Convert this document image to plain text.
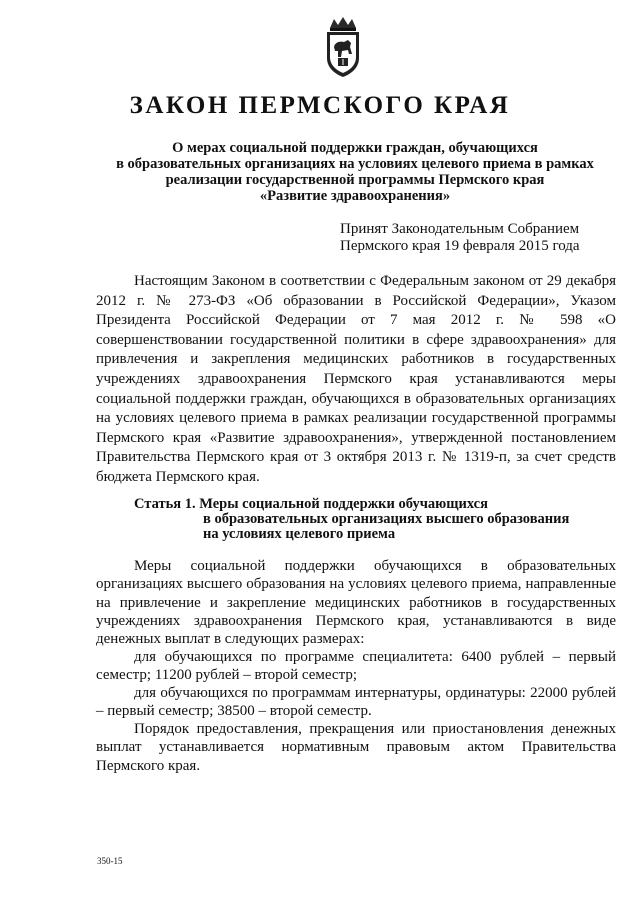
ЗАКОН ПЕРМСКОГО КРАЯ
О мерах социальной поддержки граждан, обучающихся
в образовательных организациях на условиях целевого приема в рамках
реализации государственной программы Пермского края
«Развитие здравоохранения»
Принят Законодательным Собранием
Пермского края 19 февраля 2015 года

Настоящим Законом в соответствии с Федеральным законом от 29 декабря 2012 г. № 273-ФЗ «Об образовании в Российской Федерации», Указом Президента Российской Федерации от 7 мая 2012 г. № 598 «О совершенствовании государственной политики в сфере здравоохранения» для привлечения и закрепления медицинских работников в государственных учреждениях здравоохранения Пермского края устанавливаются меры социальной поддержки граждан, обучающихся в образовательных организациях на условиях целевого приема в рамках реализации государственной программы Пермского края «Развитие здравоохранения», утвержденной постановлением Правительства Пермского края от 3 октября 2013 г. № 1319-п, за счет средств бюджета Пермского края.

Статья 1. Меры социальной поддержки обучающихся
в образовательных организациях высшего образования
на условиях целевого приема

Меры социальной поддержки обучающихся в образовательных организациях высшего образования на условиях целевого приема, направленные на привлечение и закрепление медицинских работников в государственных учреждениях здравоохранения Пермского края, устанавливаются в виде денежных выплат в следующих размерах:

для обучающихся по программе специалитета: 6400 рублей – первый семестр; 11200 рублей – второй семестр;

для обучающихся по программам интернатуры, ординатуры: 22000 рублей – первый семестр; 38500 – второй семестр.

Порядок предоставления, прекращения или приостановления денежных выплат устанавливается нормативным правовым актом Правительства Пермского края.

350-15
